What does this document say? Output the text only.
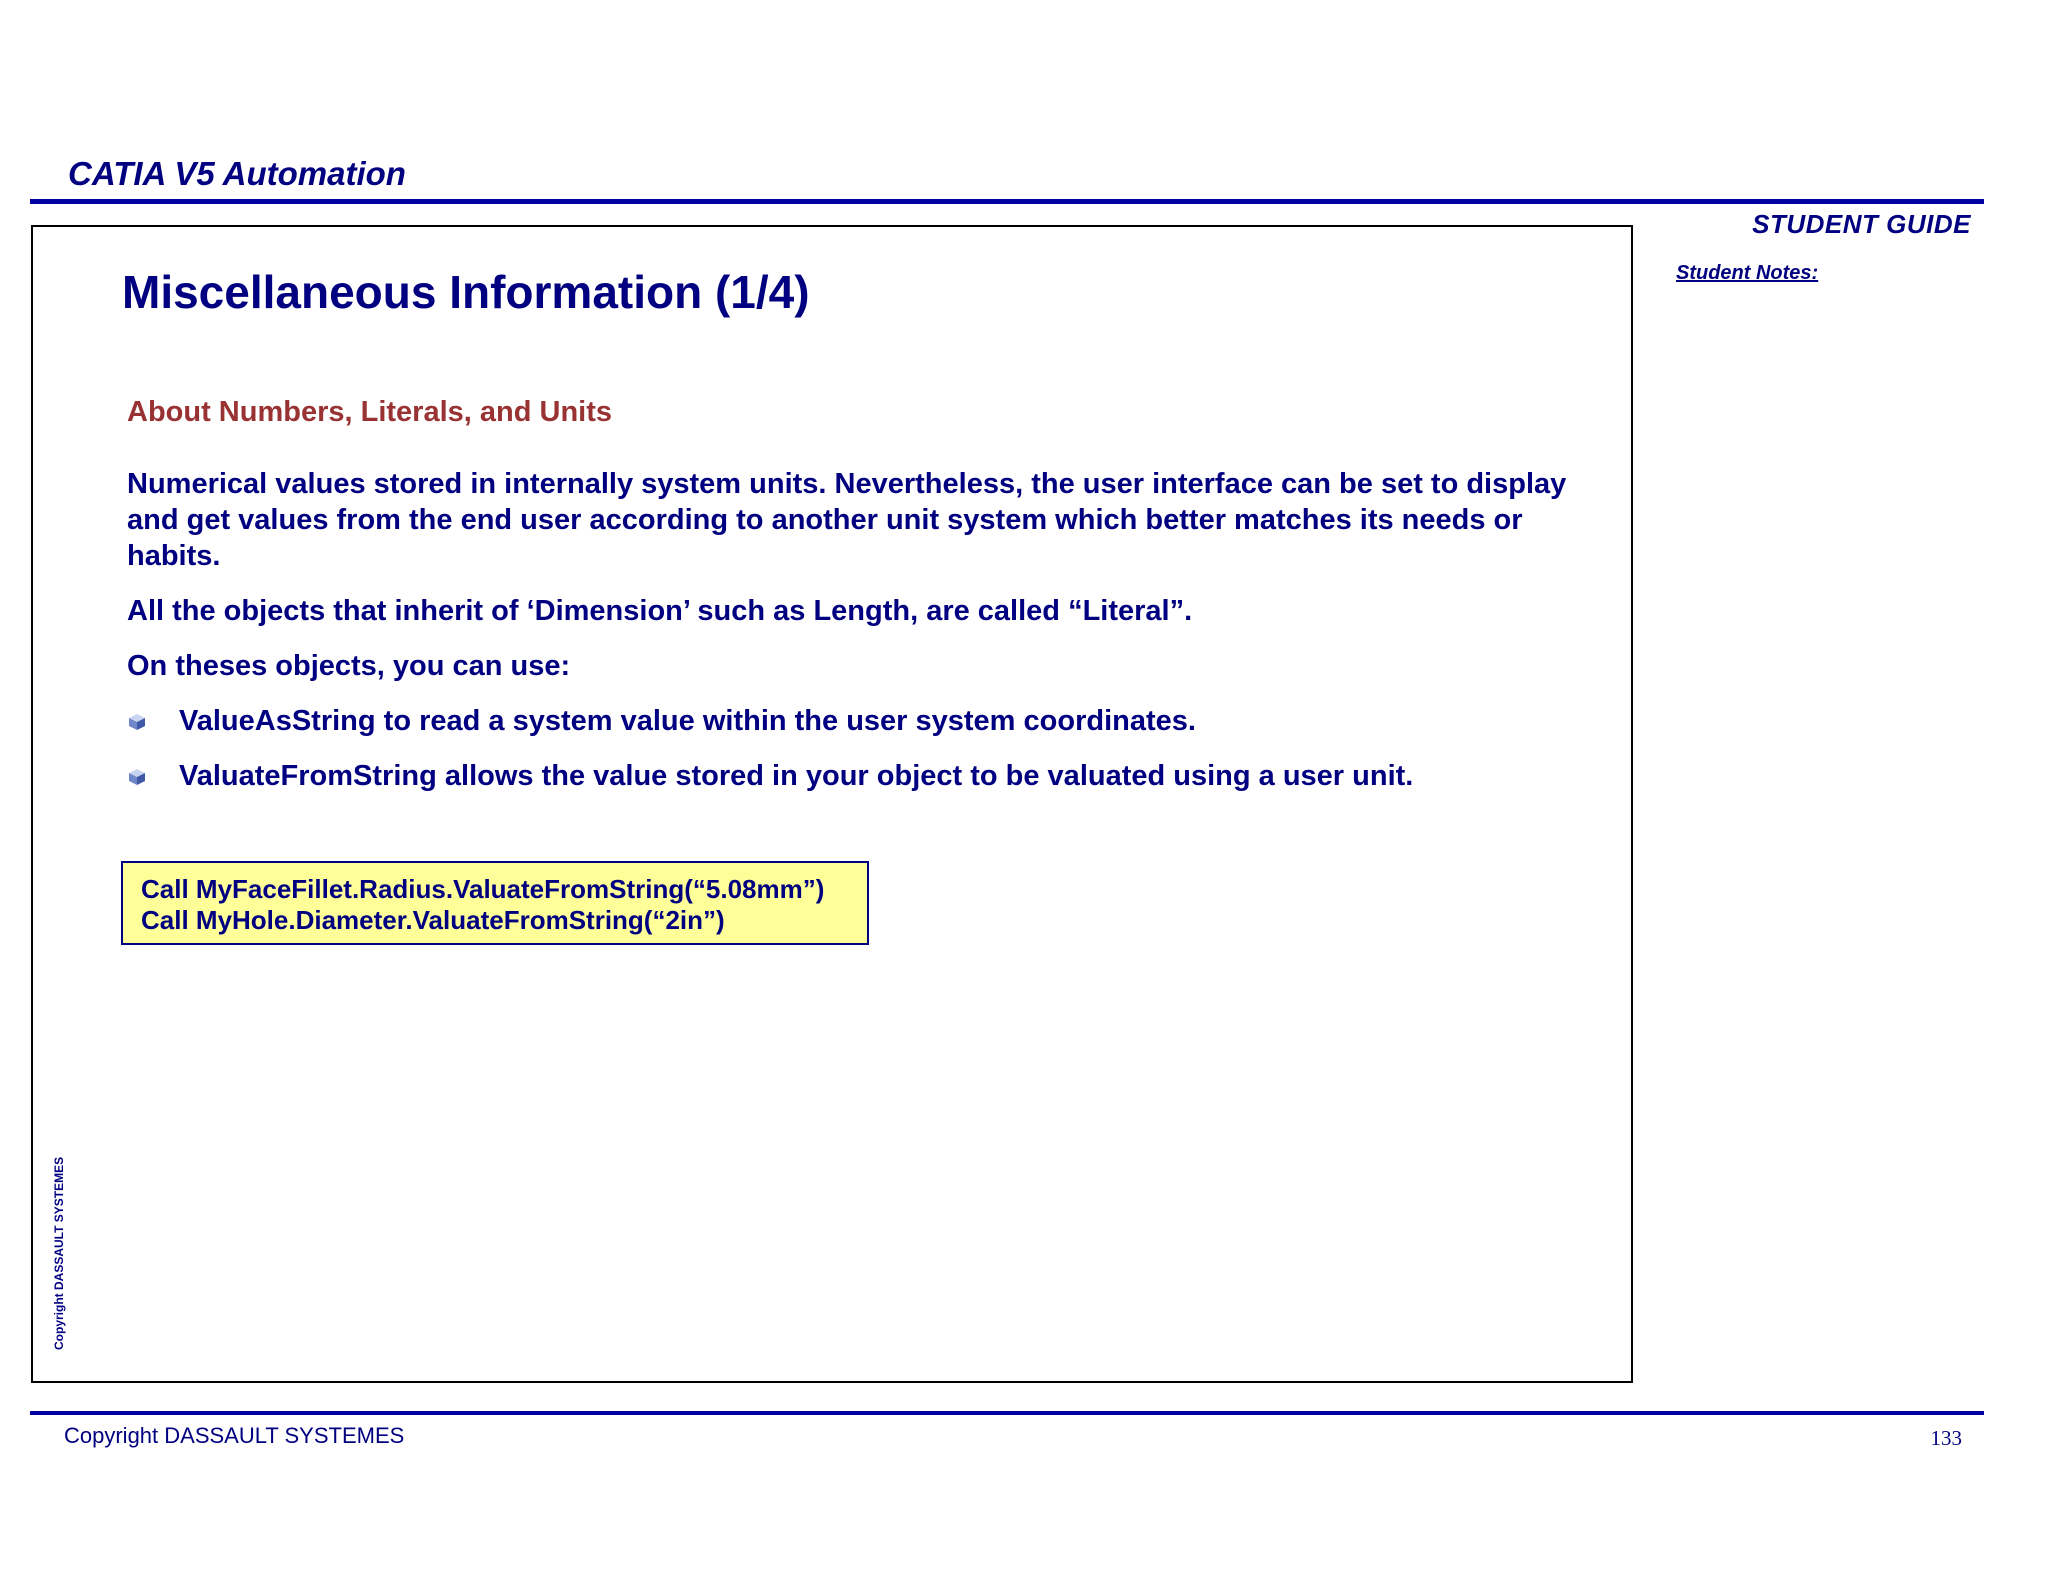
CATIA V5 Automation
STUDENT GUIDE
Student Notes:
Miscellaneous Information (1/4)
About Numbers, Literals, and Units
Numerical values stored in internally system units. Nevertheless, the user interface can be set to display and get values from the end user according to another unit system which better matches its needs or habits.
All the objects that inherit of ‘Dimension’ such as Length, are called “Literal”.
On theses objects, you can use:
ValueAsString to read a system value within the user system coordinates.
ValuateFromString allows the value stored in your object to be valuated using a user unit.
Call MyFaceFillet.Radius.ValuateFromString(“5.08mm”)
Call MyHole.Diameter.ValuateFromString(“2in”)
Copyright DASSAULT SYSTEMES
Copyright DASSAULT SYSTEMES	133
